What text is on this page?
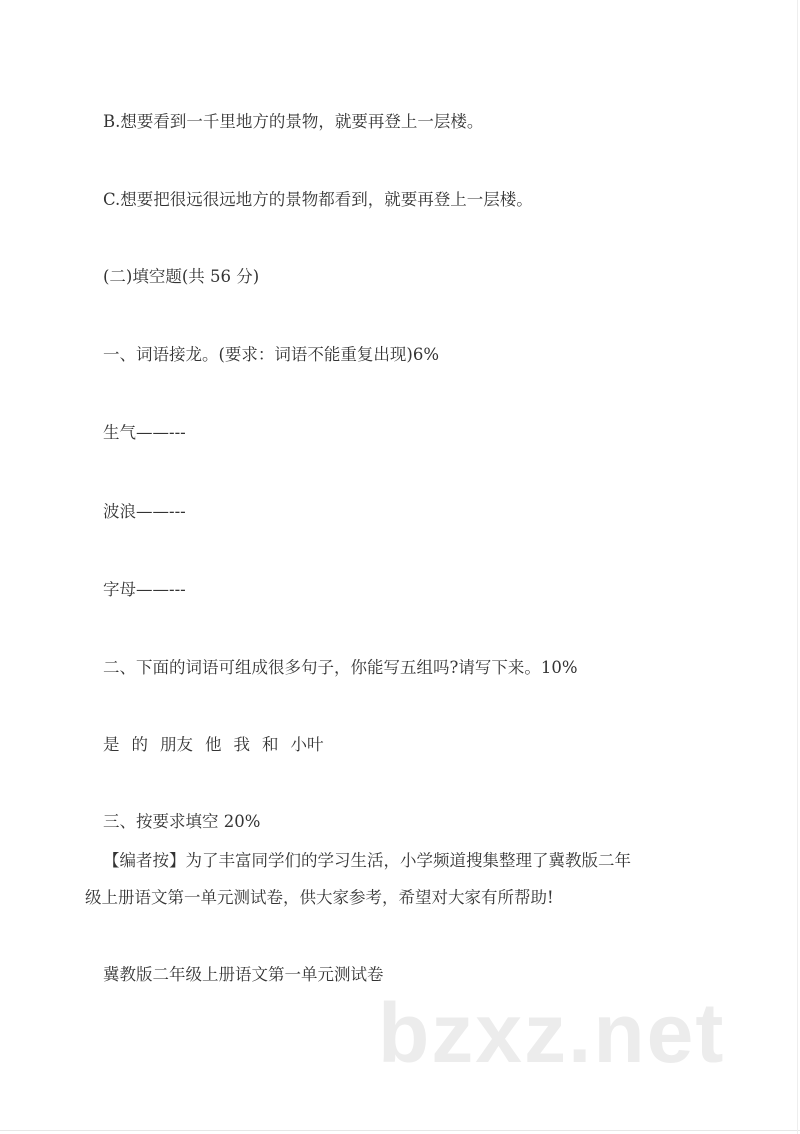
B.想要看到一千里地方的景物，就要再登上一层楼。
C.想要把很远很远地方的景物都看到，就要再登上一层楼。
(二)填空题(共 56 分)
一、词语接龙。(要求：词语不能重复出现)6%
生气——---
波浪——---
字母——---
二、下面的词语可组成很多句子，你能写五组吗?请写下来。10%
是 的 朋友 他 我 和 小叶
三、按要求填空 20%
【编者按】为了丰富同学们的学习生活，小学频道搜集整理了冀教版二年
级上册语文第一单元测试卷，供大家参考，希望对大家有所帮助!
冀教版二年级上册语文第一单元测试卷
bzxz.net
